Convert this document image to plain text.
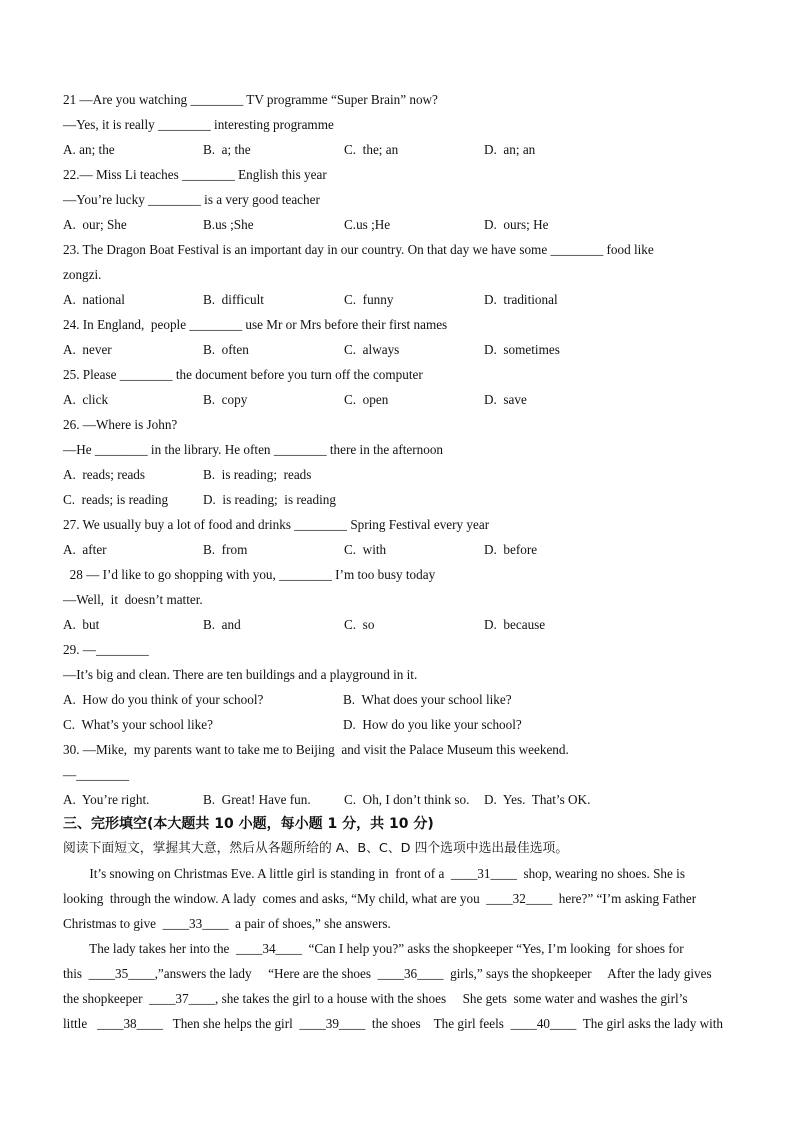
21 —Are you watching ________ TV programme “Super Brain” now?
—Yes, it is really ________ interesting programme
A. an; the	B.  a; the	C.  the; an	D.  an; an
22.— Miss Li teaches ________ English this year
—You’re lucky ________ is a very good teacher
A.  our; She	B.us ;She	C.us ;He	D.  ours; He
23. The Dragon Boat Festival is an important day in our country. On that day we have some ________ food like
zongzi.
A.  national	B.  difficult	C.  funny	D.  traditional
24. In England,  people ________ use Mr or Mrs before their first names
A.  never	B.  often	C.  always	D.  sometimes
25. Please ________ the document before you turn off the computer
A.  click	B.  copy	C.  open	D.  save
26. —Where is John?
—He ________ in the library. He often ________ there in the afternoon
A.  reads; reads	B.  is reading;  reads
C.  reads; is reading	D.  is reading;  is reading
27. We usually buy a lot of food and drinks ________ Spring Festival every year
A.  after	B.  from	C.  with	D.  before
28 — I’d like to go shopping with you, ________ I’m too busy today
—Well,  it  doesn’t matter.
A.  but	B.  and	C.  so	D.  because
29. —________
—It’s big and clean. There are ten buildings and a playground in it.
A.  How do you think of your school?	B.  What does your school like?
C.  What’s your school like?	D.  How do you like your school?
30. —Mike,  my parents want to take me to Beijing  and visit the Palace Museum this weekend.
—________
A.  You’re right.	B.  Great! Have fun.	C.  Oh, I don’t think so. D.  Yes.  That’s OK.
三、完形填空(本大题共 10 小题，每小题 1 分，共 10 分)
阅读下面短文，掌握其大意，然后从各题所给的 A、B、C、D 四个选项中选出最佳选项。
It’s snowing on Christmas Eve. A little girl is standing in  front of a  ____31____  shop, wearing no shoes. She is
looking  through the window. A lady  comes and asks, “My child, what are you  ____32____  here?” “I’m asking Father
Christmas to give  ____33____  a pair of shoes,” she answers.
The lady takes her into the  ____34____  “Can I help you?” asks the shopkeeper “Yes, I’m looking  for shoes for
this  ____35____,”answers the lady     “Here are the shoes  ____36____  girls,” says the shopkeeper     After the lady gives
the shopkeeper  ____37____, she takes the girl to a house with the shoes     She gets  some water and washes the girl’s
little   ____38____   Then she helps the girl  ____39____  the shoes    The girl feels  ____40____  The girl asks the lady with
